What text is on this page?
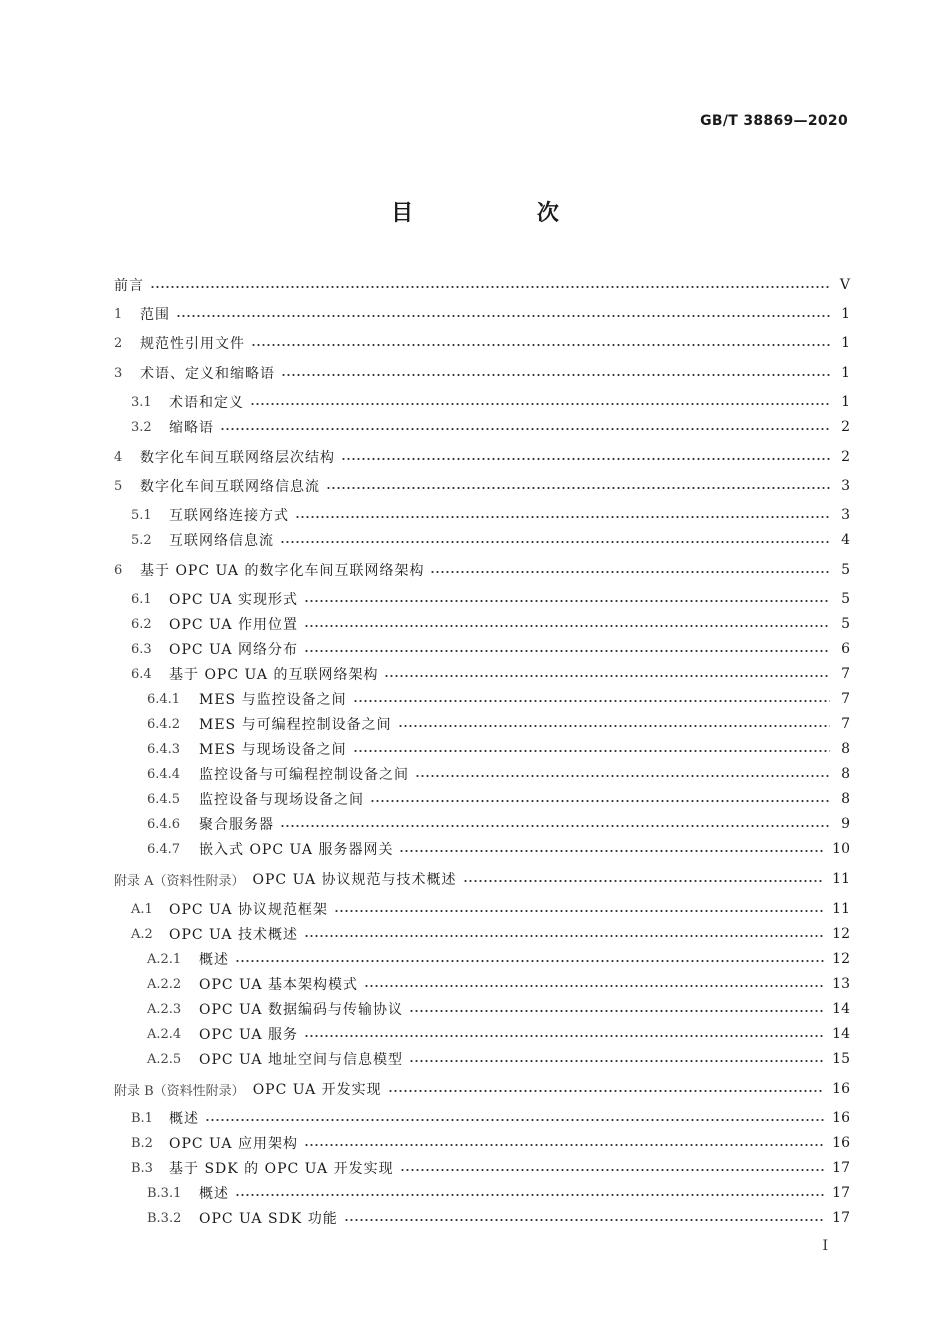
GB/T 38869—2020
目 次
前言	V
1	范围	1
2	规范性引用文件	1
3	术语、定义和缩略语	1
3.1	术语和定义	1
3.2	缩略语	2
4	数字化车间互联网络层次结构	2
5	数字化车间互联网络信息流	3
5.1	互联网络连接方式	3
5.2	互联网络信息流	4
6	基于 OPC UA 的数字化车间互联网络架构	5
6.1	OPC UA 实现形式	5
6.2	OPC UA 作用位置	5
6.3	OPC UA 网络分布	6
6.4	基于 OPC UA 的互联网络架构	7
6.4.1	MES 与监控设备之间	7
6.4.2	MES 与可编程控制设备之间	7
6.4.3	MES 与现场设备之间	8
6.4.4	监控设备与可编程控制设备之间	8
6.4.5	监控设备与现场设备之间	8
6.4.6	聚合服务器	9
6.4.7	嵌入式 OPC UA 服务器网关	10
附录 A（资料性附录） OPC UA 协议规范与技术概述	11
A.1	OPC UA 协议规范框架	11
A.2	OPC UA 技术概述	12
A.2.1	概述	12
A.2.2	OPC UA 基本架构模式	13
A.2.3	OPC UA 数据编码与传输协议	14
A.2.4	OPC UA 服务	14
A.2.5	OPC UA 地址空间与信息模型	15
附录 B（资料性附录） OPC UA 开发实现	16
B.1	概述	16
B.2	OPC UA 应用架构	16
B.3	基于 SDK 的 OPC UA 开发实现	17
B.3.1	概述	17
B.3.2	OPC UA SDK 功能	17
I
